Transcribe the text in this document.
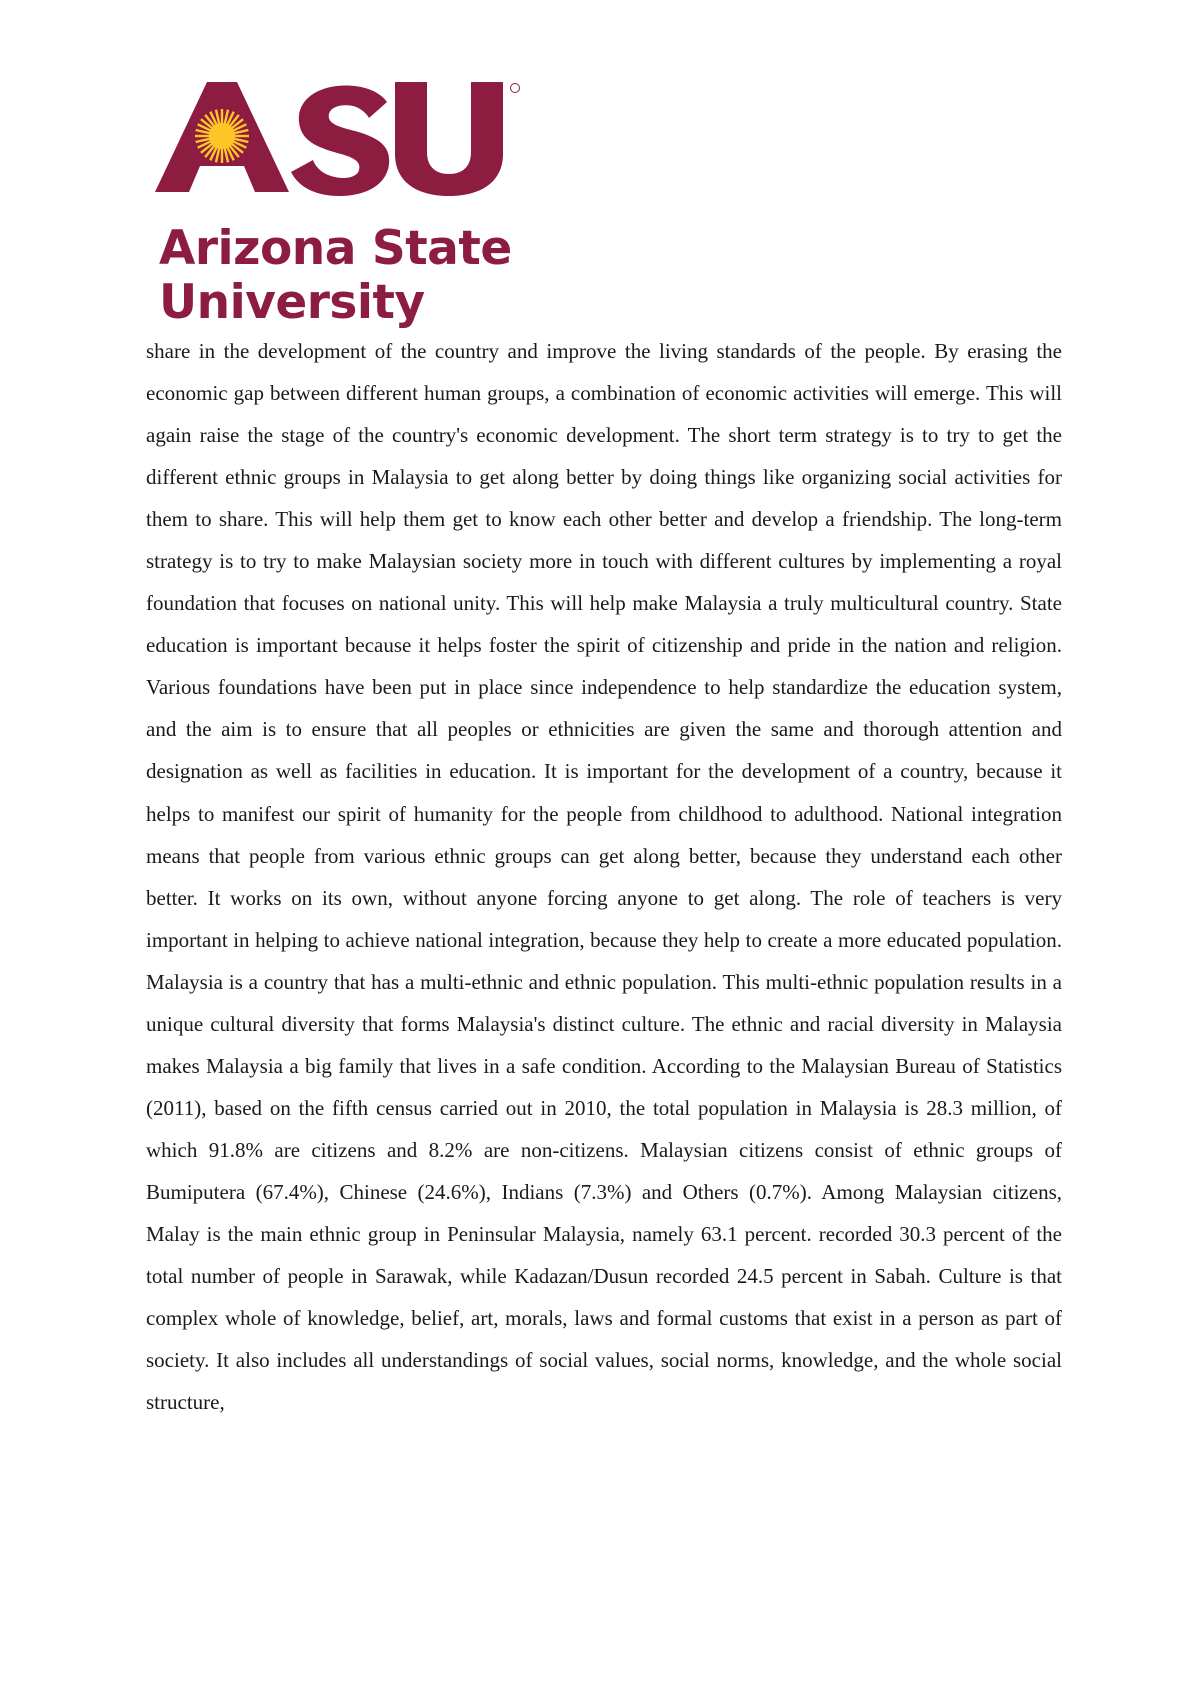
Arizona State
University

share in the development of the country and improve the living standards of the people. By erasing the economic gap between different human groups, a combination of economic activities will emerge. This will again raise the stage of the country's economic development. The short term strategy is to try to get the different ethnic groups in Malaysia to get along better by doing things like organizing social activities for them to share. This will help them get to know each other better and develop a friendship. The long-term strategy is to try to make Malaysian society more in touch with different cultures by implementing a royal foundation that focuses on national unity. This will help make Malaysia a truly multicultural country. State education is important because it helps foster the spirit of citizenship and pride in the nation and religion. Various foundations have been put in place since independence to help standardize the education system, and the aim is to ensure that all peoples or ethnicities are given the same and thorough attention and designation as well as facilities in education. It is important for the development of a country, because it helps to manifest our spirit of humanity for the people from childhood to adulthood. National integration means that people from various ethnic groups can get along better, because they understand each other better. It works on its own, without anyone forcing anyone to get along. The role of teachers is very important in helping to achieve national integration, because they help to create a more educated population. Malaysia is a country that has a multi-ethnic and ethnic population. This multi-ethnic population results in a unique cultural diversity that forms Malaysia's distinct culture. The ethnic and racial diversity in Malaysia makes Malaysia a big family that lives in a safe condition. According to the Malaysian Bureau of Statistics (2011), based on the fifth census carried out in 2010, the total population in Malaysia is 28.3 million, of which 91.8% are citizens and 8.2% are non-citizens. Malaysian citizens consist of ethnic groups of Bumiputera (67.4%), Chinese (24.6%), Indians (7.3%) and Others (0.7%). Among Malaysian citizens, Malay is the main ethnic group in Peninsular Malaysia, namely 63.1 percent. recorded 30.3 percent of the total number of people in Sarawak, while Kadazan/Dusun recorded 24.5 percent in Sabah. Culture is that complex whole of knowledge, belief, art, morals, laws and formal customs that exist in a person as part of society. It also includes all understandings of social values, social norms, knowledge, and the whole social structure,
